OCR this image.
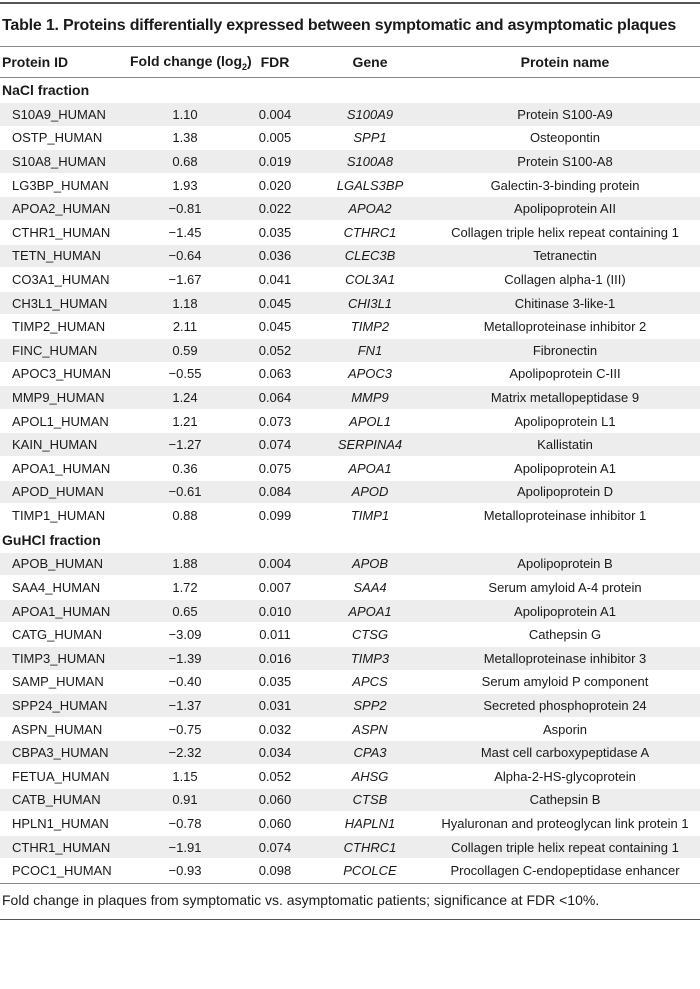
Table 1. Proteins differentially expressed between symptomatic and asymptomatic plaques
Protein ID	Fold change $(\log_2)$	FDR	Gene	Protein name
NaCl fraction				
S10A9_HUMAN	1.10	0.004	S100A9	Protein S100-A9
OSTP_HUMAN	1.38	0.005	SPP1	Osteopontin
S10A8_HUMAN	0.68	0.019	S100A8	Protein S100-A8
LG3BP_HUMAN	1.93	0.020	LGALS3BP	Galectin-3-binding protein
APOA2_HUMAN	−0.81	0.022	APOA2	Apolipoprotein AII
CTHR1_HUMAN	−1.45	0.035	CTHRC1	Collagen triple helix repeat containing 1
TETN_HUMAN	−0.64	0.036	CLEC3B	Tetranectin
CO3A1_HUMAN	−1.67	0.041	COL3A1	Collagen alpha-1 (III)
CH3L1_HUMAN	1.18	0.045	CHI3L1	Chitinase 3-like-1
TIMP2_HUMAN	2.11	0.045	TIMP2	Metalloproteinase inhibitor 2
FINC_HUMAN	0.59	0.052	FN1	Fibronectin
APOC3_HUMAN	−0.55	0.063	APOC3	Apolipoprotein C-III
MMP9_HUMAN	1.24	0.064	MMP9	Matrix metallopeptidase 9
APOL1_HUMAN	1.21	0.073	APOL1	Apolipoprotein L1
KAIN_HUMAN	−1.27	0.074	SERPINA4	Kallistatin
APOA1_HUMAN	0.36	0.075	APOA1	Apolipoprotein A1
APOD_HUMAN	−0.61	0.084	APOD	Apolipoprotein D
TIMP1_HUMAN	0.88	0.099	TIMP1	Metalloproteinase inhibitor 1
GuHCl fraction				
APOB_HUMAN	1.88	0.004	APOB	Apolipoprotein B
SAA4_HUMAN	1.72	0.007	SAA4	Serum amyloid A-4 protein
APOA1_HUMAN	0.65	0.010	APOA1	Apolipoprotein A1
CATG_HUMAN	−3.09	0.011	CTSG	Cathepsin G
TIMP3_HUMAN	−1.39	0.016	TIMP3	Metalloproteinase inhibitor 3
SAMP_HUMAN	−0.40	0.035	APCS	Serum amyloid P component
SPP24_HUMAN	−1.37	0.031	SPP2	Secreted phosphoprotein 24
ASPN_HUMAN	−0.75	0.032	ASPN	Asporin
CBPA3_HUMAN	−2.32	0.034	CPA3	Mast cell carboxypeptidase A
FETUA_HUMAN	1.15	0.052	AHSG	Alpha-2-HS-glycoprotein
CATB_HUMAN	0.91	0.060	CTSB	Cathepsin B
HPLN1_HUMAN	−0.78	0.060	HAPLN1	Hyaluronan and proteoglycan link protein 1
CTHR1_HUMAN	−1.91	0.074	CTHRC1	Collagen triple helix repeat containing 1
PCOC1_HUMAN	−0.93	0.098	PCOLCE	Procollagen C-endopeptidase enhancer
Fold change in plaques from symptomatic vs. asymptomatic patients; significance at FDR <10%.
